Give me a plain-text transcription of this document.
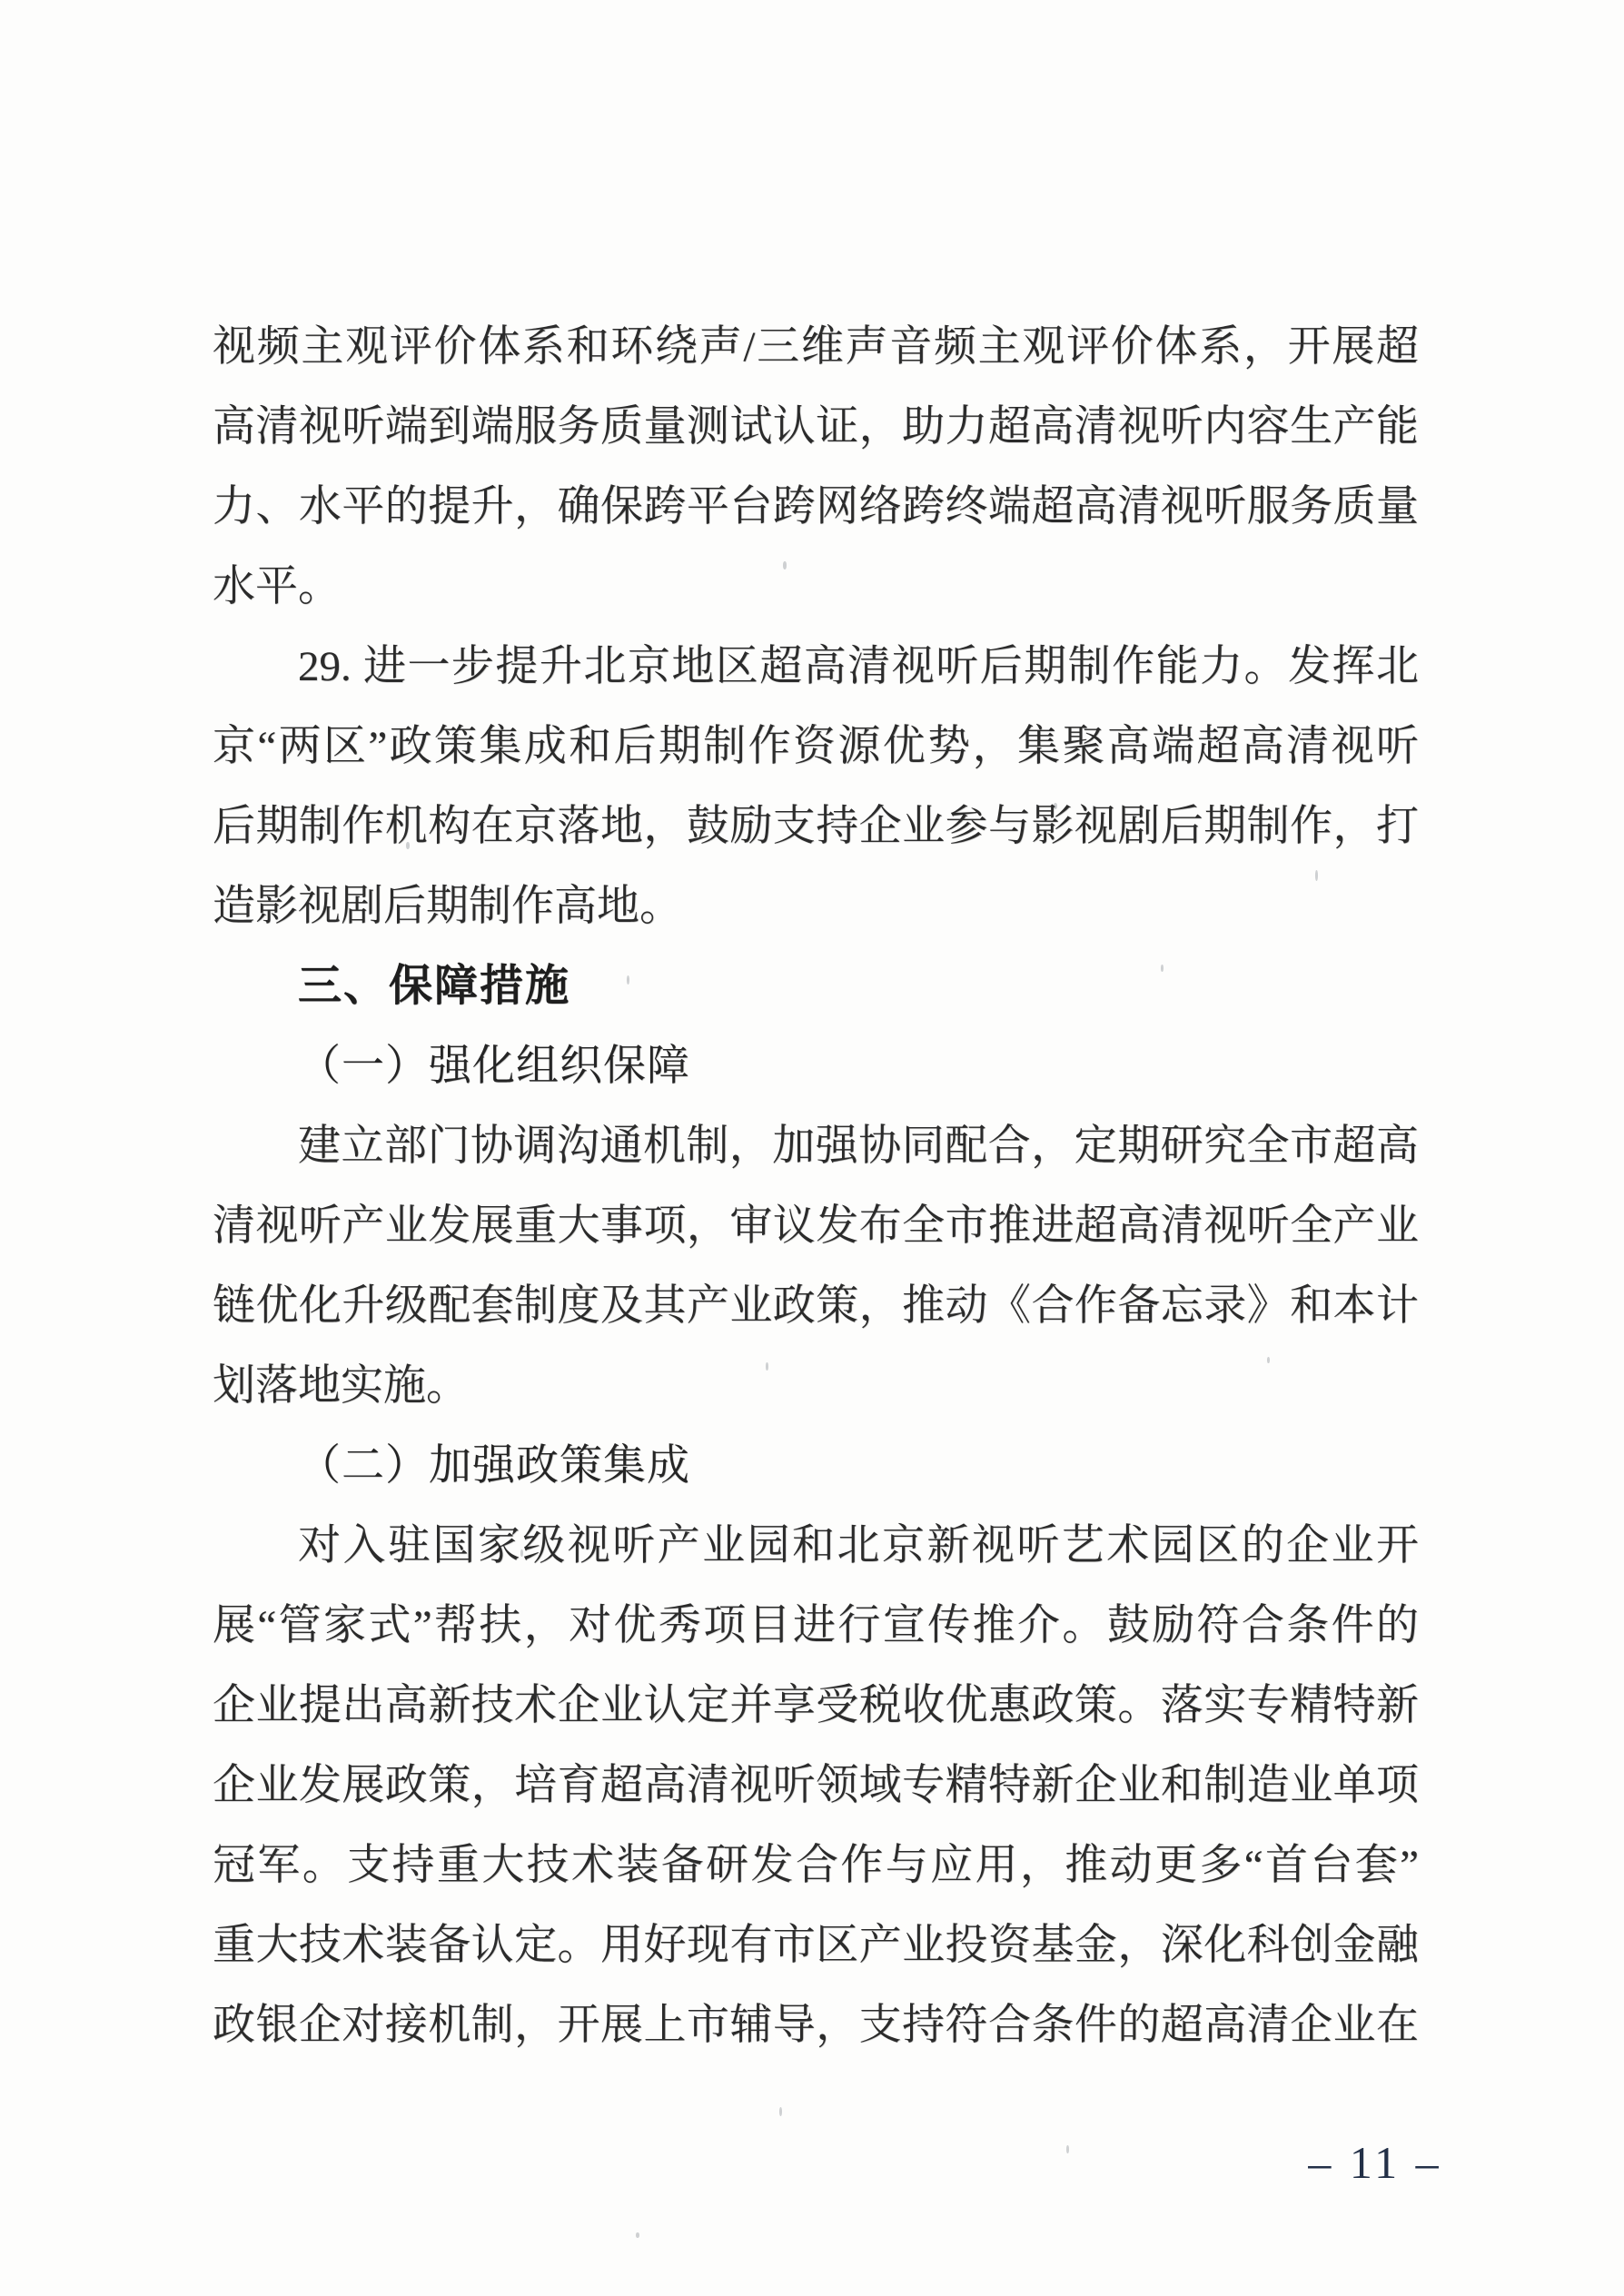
视频主观评价体系和环绕声/三维声音频主观评价体系，开展超
高清视听端到端服务质量测试认证，助力超高清视听内容生产能
力、水平的提升，确保跨平台跨网络跨终端超高清视听服务质量
水平。
29. 进一步提升北京地区超高清视听后期制作能力。发挥北
京“两区”政策集成和后期制作资源优势，集聚高端超高清视听
后期制作机构在京落地，鼓励支持企业参与影视剧后期制作，打
造影视剧后期制作高地。
三、保障措施
（一）强化组织保障
建立部门协调沟通机制，加强协同配合，定期研究全市超高
清视听产业发展重大事项，审议发布全市推进超高清视听全产业
链优化升级配套制度及其产业政策，推动《合作备忘录》和本计
划落地实施。
（二）加强政策集成
对入驻国家级视听产业园和北京新视听艺术园区的企业开
展“管家式”帮扶，对优秀项目进行宣传推介。鼓励符合条件的
企业提出高新技术企业认定并享受税收优惠政策。落实专精特新
企业发展政策，培育超高清视听领域专精特新企业和制造业单项
冠军。支持重大技术装备研发合作与应用，推动更多“首台套”
重大技术装备认定。用好现有市区产业投资基金，深化科创金融
政银企对接机制，开展上市辅导，支持符合条件的超高清企业在
– 11 –
